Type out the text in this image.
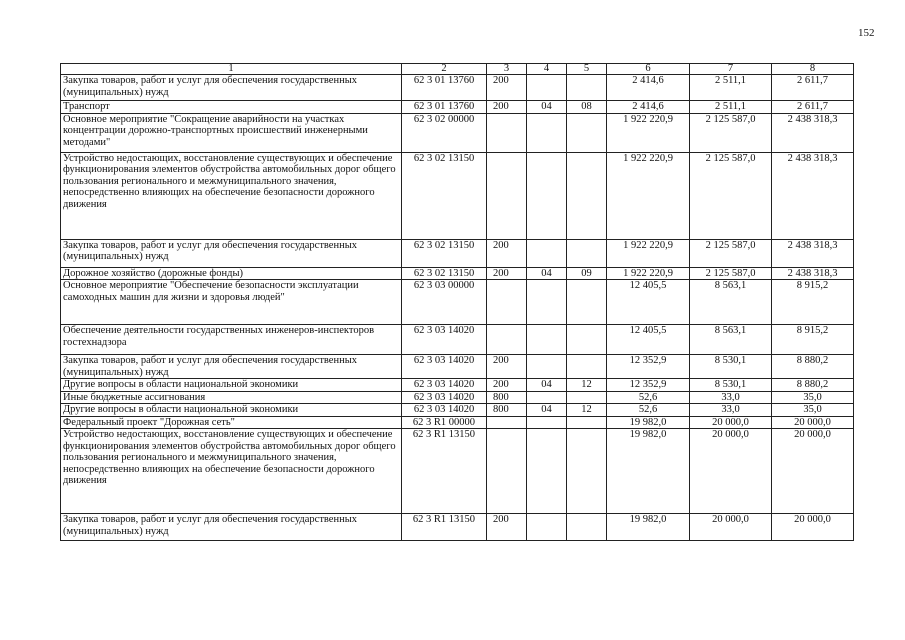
152
1	2	3	4	5	6	7	8
Закупка товаров, работ и услуг для обеспечения государственных (муниципальных) нужд	62 3 01 13760	200			2 414,6	2 511,1	2 611,7
Транспорт	62 3 01 13760	200	04	08	2 414,6	2 511,1	2 611,7
Основное мероприятие "Сокращение аварийности на участках концентрации дорожно-транспортных происшествий инженерными методами"	62 3 02 00000				1 922 220,9	2 125 587,0	2 438 318,3
Устройство недостающих, восстановление существующих и обеспечение функционирования элементов обустройства автомобильных дорог общего пользования регионального и межмуниципального значения, непосредственно влияющих на обеспечение безопасности дорожного движения	62 3 02 13150				1 922 220,9	2 125 587,0	2 438 318,3
Закупка товаров, работ и услуг для обеспечения государственных (муниципальных) нужд	62 3 02 13150	200			1 922 220,9	2 125 587,0	2 438 318,3
Дорожное хозяйство (дорожные фонды)	62 3 02 13150	200	04	09	1 922 220,9	2 125 587,0	2 438 318,3
Основное мероприятие "Обеспечение безопасности эксплуатации самоходных машин для жизни и здоровья людей"	62 3 03 00000				12 405,5	8 563,1	8 915,2
Обеспечение деятельности государственных инженеров-инспекторов гостехнадзора	62 3 03 14020				12 405,5	8 563,1	8 915,2
Закупка товаров, работ и услуг для обеспечения государственных (муниципальных) нужд	62 3 03 14020	200			12 352,9	8 530,1	8 880,2
Другие вопросы в области национальной экономики	62 3 03 14020	200	04	12	12 352,9	8 530,1	8 880,2
Иные бюджетные ассигнования	62 3 03 14020	800			52,6	33,0	35,0
Другие вопросы в области национальной экономики	62 3 03 14020	800	04	12	52,6	33,0	35,0
Федеральный проект "Дорожная сеть"	62 3 R1 00000				19 982,0	20 000,0	20 000,0
Устройство недостающих, восстановление существующих и обеспечение функционирования элементов обустройства автомобильных дорог общего пользования регионального и межмуниципального значения, непосредственно влияющих на обеспечение безопасности дорожного движения	62 3 R1 13150				19 982,0	20 000,0	20 000,0
Закупка товаров, работ и услуг для обеспечения государственных (муниципальных) нужд	62 3 R1 13150	200			19 982,0	20 000,0	20 000,0
